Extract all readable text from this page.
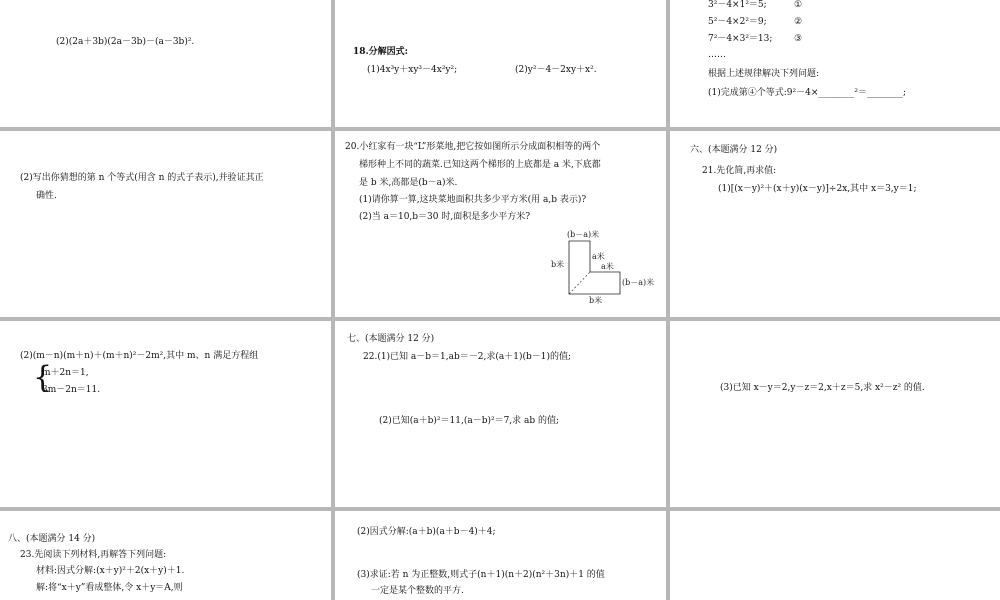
(2)(2a＋3b)(2a－3b)－(a－3b)².
18.分解因式:
(1)4x³y＋xy³－4x²y²;	(2)y²－4－2xy＋x².
3²－4×1²＝5;	①
5²－4×2²＝9;	②
7²－4×3²＝13; ③
……
根据上述规律解决下列问题:
(1)完成第④个等式:9²－4×________²＝________;
(2)写出你猜想的第 n 个等式(用含 n 的式子表示),并验证其正
确性.
20.小红家有一块“L”形菜地,把它按如图所示分成面积相等的两个
梯形种上不同的蔬菜.已知这两个梯形的上底都是 a 米,下底都
是 b 米,高都是(b－a)米.
(1)请你算一算,这块菜地面积共多少平方米(用 a,b 表示)?
(2)当 a＝10,b＝30 时,面积是多少平方米?
(b－a)米
b米
a米
a米
(b－a)米
b米
六、(本题满分 12 分)
21.先化简,再求值:
(1)[(x－y)²＋(x＋y)(x－y)]÷2x,其中 x＝3,y＝1;
(2)(m－n)(m＋n)＋(m＋n)²－2m²,其中 m、n 满足方程组
{
m＋2n＝1,
3m－2n＝11.
七、(本题满分 12 分)
22.(1)已知 a－b＝1,ab＝－2,求(a＋1)(b－1)的值;
(2)已知(a＋b)²＝11,(a－b)²＝7,求 ab 的值;
(3)已知 x－y＝2,y－z＝2,x＋z＝5,求 x²－z² 的值.
八、(本题满分 14 分)
23.先阅读下列材料,再解答下列问题:
材料:因式分解:(x＋y)²＋2(x＋y)＋1.
解:将“x＋y”看成整体,令 x＋y＝A,则
(2)因式分解:(a＋b)(a＋b－4)＋4;
(3)求证:若 n 为正整数,则式子(n＋1)(n＋2)(n²＋3n)＋1 的值
一定是某个整数的平方.
